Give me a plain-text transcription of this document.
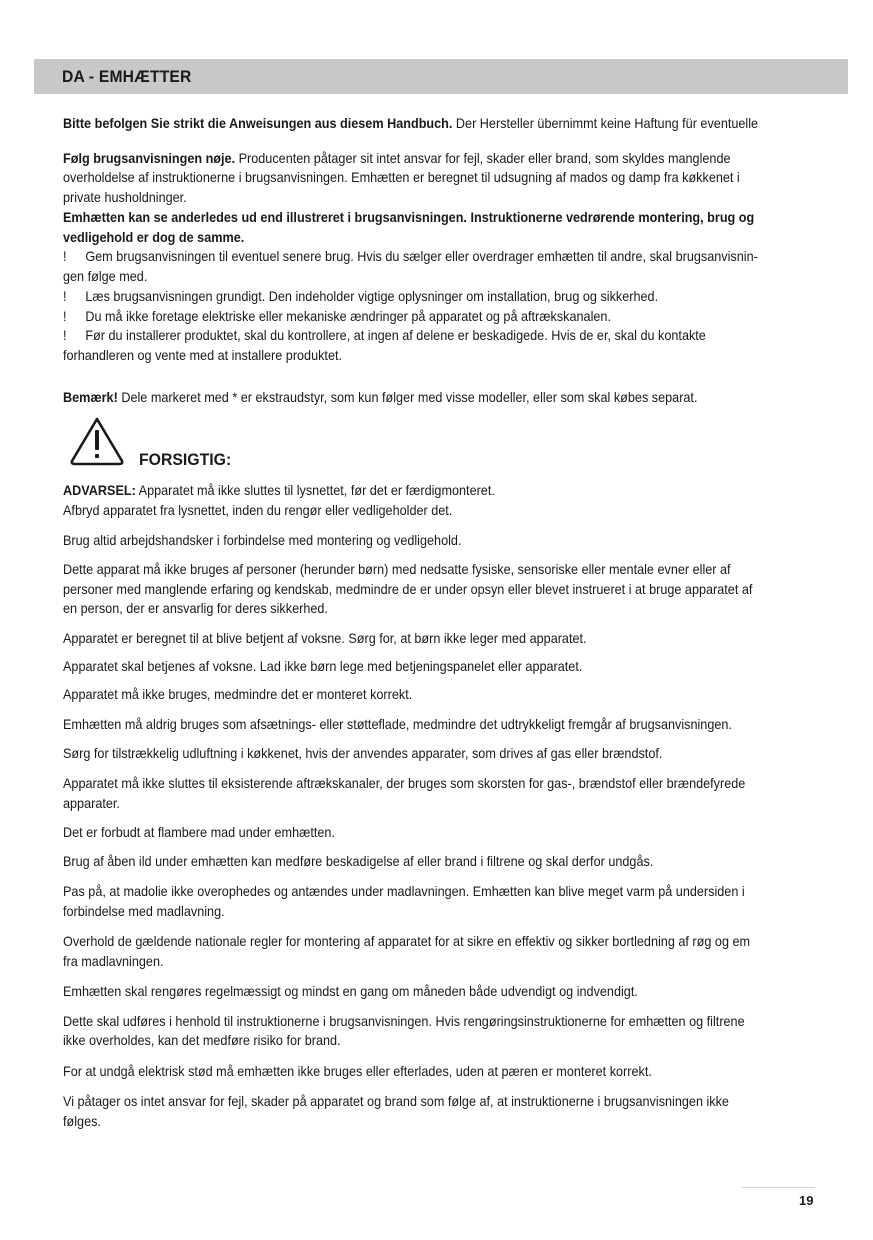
DA - EMHÆTTER
Bitte befolgen Sie strikt die Anweisungen aus diesem Handbuch. Der Hersteller übernimmt keine Haftung für eventuelle
Følg brugsanvisningen nøje. Producenten påtager sit intet ansvar for fejl, skader eller brand, som skyldes manglende
overholdelse af instruktionerne i brugsanvisningen. Emhætten er beregnet til udsugning af mados og damp fra køkkenet i
private husholdninger.
Emhætten kan se anderledes ud end illustreret i brugsanvisningen. Instruktionerne vedrørende montering, brug og
vedligehold er dog de samme.
! Gem brugsanvisningen til eventuel senere brug. Hvis du sælger eller overdrager emhætten til andre, skal brugsanvisnin-
gen følge med.
! Læs brugsanvisningen grundigt. Den indeholder vigtige oplysninger om installation, brug og sikkerhed.
! Du må ikke foretage elektriske eller mekaniske ændringer på apparatet og på aftrækskanalen.
! Før du installerer produktet, skal du kontrollere, at ingen af delene er beskadigede. Hvis de er, skal du kontakte
forhandleren og vente med at installere produktet.
Bemærk! Dele markeret med * er ekstraudstyr, som kun følger med visse modeller, eller som skal købes separat.
FORSIGTIG:
ADVARSEL: Apparatet må ikke sluttes til lysnettet, før det er færdigmonteret.
Afbryd apparatet fra lysnettet, inden du rengør eller vedligeholder det.
Brug altid arbejdshandsker i forbindelse med montering og vedligehold.
Dette apparat må ikke bruges af personer (herunder børn) med nedsatte fysiske, sensoriske eller mentale evner eller af
personer med manglende erfaring og kendskab, medmindre de er under opsyn eller blevet instrueret i at bruge apparatet af
en person, der er ansvarlig for deres sikkerhed.
Apparatet er beregnet til at blive betjent af voksne. Sørg for, at børn ikke leger med apparatet.
Apparatet skal betjenes af voksne. Lad ikke børn lege med betjeningspanelet eller apparatet.
Apparatet må ikke bruges, medmindre det er monteret korrekt.
Emhætten må aldrig bruges som afsætnings- eller støtteflade, medmindre det udtrykkeligt fremgår af brugsanvisningen.
Sørg for tilstrækkelig udluftning i køkkenet, hvis der anvendes apparater, som drives af gas eller brændstof.
Apparatet må ikke sluttes til eksisterende aftrækskanaler, der bruges som skorsten for gas-, brændstof eller brændefyrede
apparater.
Det er forbudt at flambere mad under emhætten.
Brug af åben ild under emhætten kan medføre beskadigelse af eller brand i filtrene og skal derfor undgås.
Pas på, at madolie ikke overophedes og antændes under madlavningen. Emhætten kan blive meget varm på undersiden i
forbindelse med madlavning.
Overhold de gældende nationale regler for montering af apparatet for at sikre en effektiv og sikker bortledning af røg og em
fra madlavningen.
Emhætten skal rengøres regelmæssigt og mindst en gang om måneden både udvendigt og indvendigt.
Dette skal udføres i henhold til instruktionerne i brugsanvisningen. Hvis rengøringsinstruktionerne for emhætten og filtrene
ikke overholdes, kan det medføre risiko for brand.
For at undgå elektrisk stød må emhætten ikke bruges eller efterlades, uden at pæren er monteret korrekt.
Vi påtager os intet ansvar for fejl, skader på apparatet og brand som følge af, at instruktionerne i brugsanvisningen ikke
følges.
19
